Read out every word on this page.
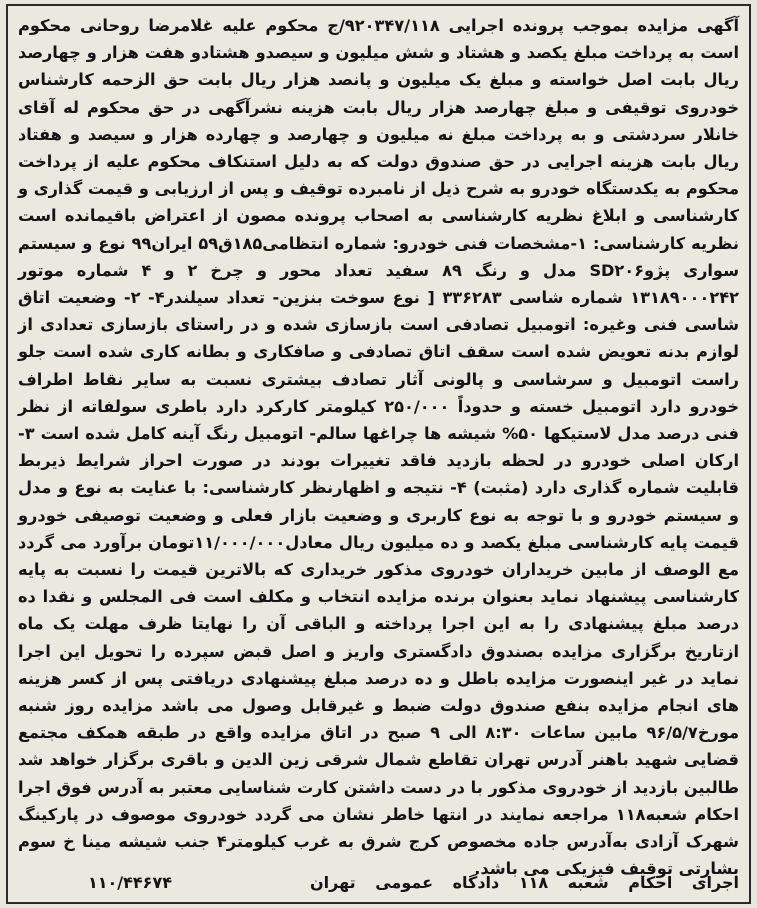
آگهی مزایده بموجب پرونده اجرایی ۹۲۰۳۴۷/۱۱۸/ج محکوم علیه غلامرضا روحانی محکوم است به پرداخت مبلغ یکصد و هشتاد و شش میلیون و سیصدو هشتادو هفت هزار و چهارصد ریال بابت اصل خواسته و مبلغ یک میلیون و پانصد هزار ریال بابت حق الزحمه کارشناس خودروی توقیفی و مبلغ چهارصد هزار ریال بابت هزینه نشرآگهی در حق محکوم له آقای خانلار سردشتی و به پرداخت مبلغ نه میلیون و چهارصد و چهارده هزار و سیصد و هفتاد ریال بابت هزینه اجرایی در حق صندوق دولت که به دلیل استنکاف محکوم علیه از پرداخت محکوم به یکدستگاه خودرو به شرح ذیل از نامبرده توقیف و پس از ارزیابی و قیمت گذاری و کارشناسی و ابلاغ نظریه کارشناسی به اصحاب پرونده مصون از اعتراض باقیمانده است نظریه کارشناسی: ۱-مشخصات فنی خودرو: شماره انتظامی۱۸۵ق۵۹ ایران۹۹ نوع و سیستم سواری پژوSD۲۰۶ مدل و رنگ ۸۹ سفید تعداد محور و چرخ ۲ و ۴ شماره موتور ۱۳۱۸۹۰۰۰۲۴۲ شماره شاسی ۳۳۶۲۸۳ [ نوع سوخت بنزین- تعداد سیلندر۴- ۲- وضعیت اتاق شاسی فنی وغیره: اتومبیل تصادفی است بازسازی شده و در راستای بازسازی تعدادی از لوازم بدنه تعویض شده است سقف اتاق تصادفی و صافکاری و بطانه کاری شده است جلو راست اتومبیل و سرشاسی و پالونی آثار تصادف بیشتری نسبت به سایر نقاط اطراف خودرو دارد اتومبیل خسته و حدوداً ۲۵۰/۰۰۰ کیلومتر کارکرد دارد باطری سولفاته از نظر فنی درصد مدل لاستیکها ۵۰% شیشه ها چراغها سالم- اتومبیل رنگ آینه کامل شده است ۳- ارکان اصلی خودرو در لحظه بازدید فاقد تغییرات بودند در صورت احراز شرایط ذیربط قابلیت شماره گذاری دارد (مثبت) ۴- نتیجه و اظهارنظر کارشناسی: با عنایت به نوع و مدل و سیستم خودرو و با توجه به نوع کاربری و وضعیت بازار فعلی و وضعیت توصیفی خودرو قیمت پایه کارشناسی مبلغ یکصد و ده میلیون ریال معادل۱۱/۰۰۰/۰۰۰تومان برآورد می گردد مع الوصف از مابین خریداران خودروی مذکور خریداری که بالاترین قیمت را نسبت به پایه کارشناسی پیشنهاد نماید بعنوان برنده مزایده انتخاب و مکلف است فی المجلس و نقدا ده درصد مبلغ پیشنهادی را به این اجرا پرداخته و الباقی آن را نهایتا ظرف مهلت یک ماه ازتاریخ برگزاری مزایده بصندوق دادگستری واریز و اصل قبض سپرده را تحویل این اجرا نماید در غیر اینصورت مزایده باطل و ده درصد مبلغ پیشنهادی دریافتی پس از کسر هزینه های انجام مزایده بنفع صندوق دولت ضبط و غیرقابل وصول می باشد مزایده روز شنبه مورخ۹۶/۵/۷ مابین ساعات ۸:۳۰ الی ۹ صبح در اتاق مزایده واقع در طبقه همکف مجتمع قضایی شهید باهنر آدرس تهران تقاطع شمال شرقی زین الدین و باقری برگزار خواهد شد طالبین بازدید از خودروی مذکور با در دست داشتن کارت شناسایی معتبر به آدرس فوق اجرا احکام شعبه۱۱۸ مراجعه نمایند در انتها خاطر نشان می گردد خودروی موصوف در پارکینگ شهرک آزادی به‌آدرس جاده مخصوص کرج شرق به غرب کیلومتر۴ جنب شیشه مینا خ سوم بشارتی توقیف فیزیکی می باشد.
اجرای احکام شعبه ۱۱۸ دادگاه عمومی تهران
۱۱۰/۴۴۶۷۴
